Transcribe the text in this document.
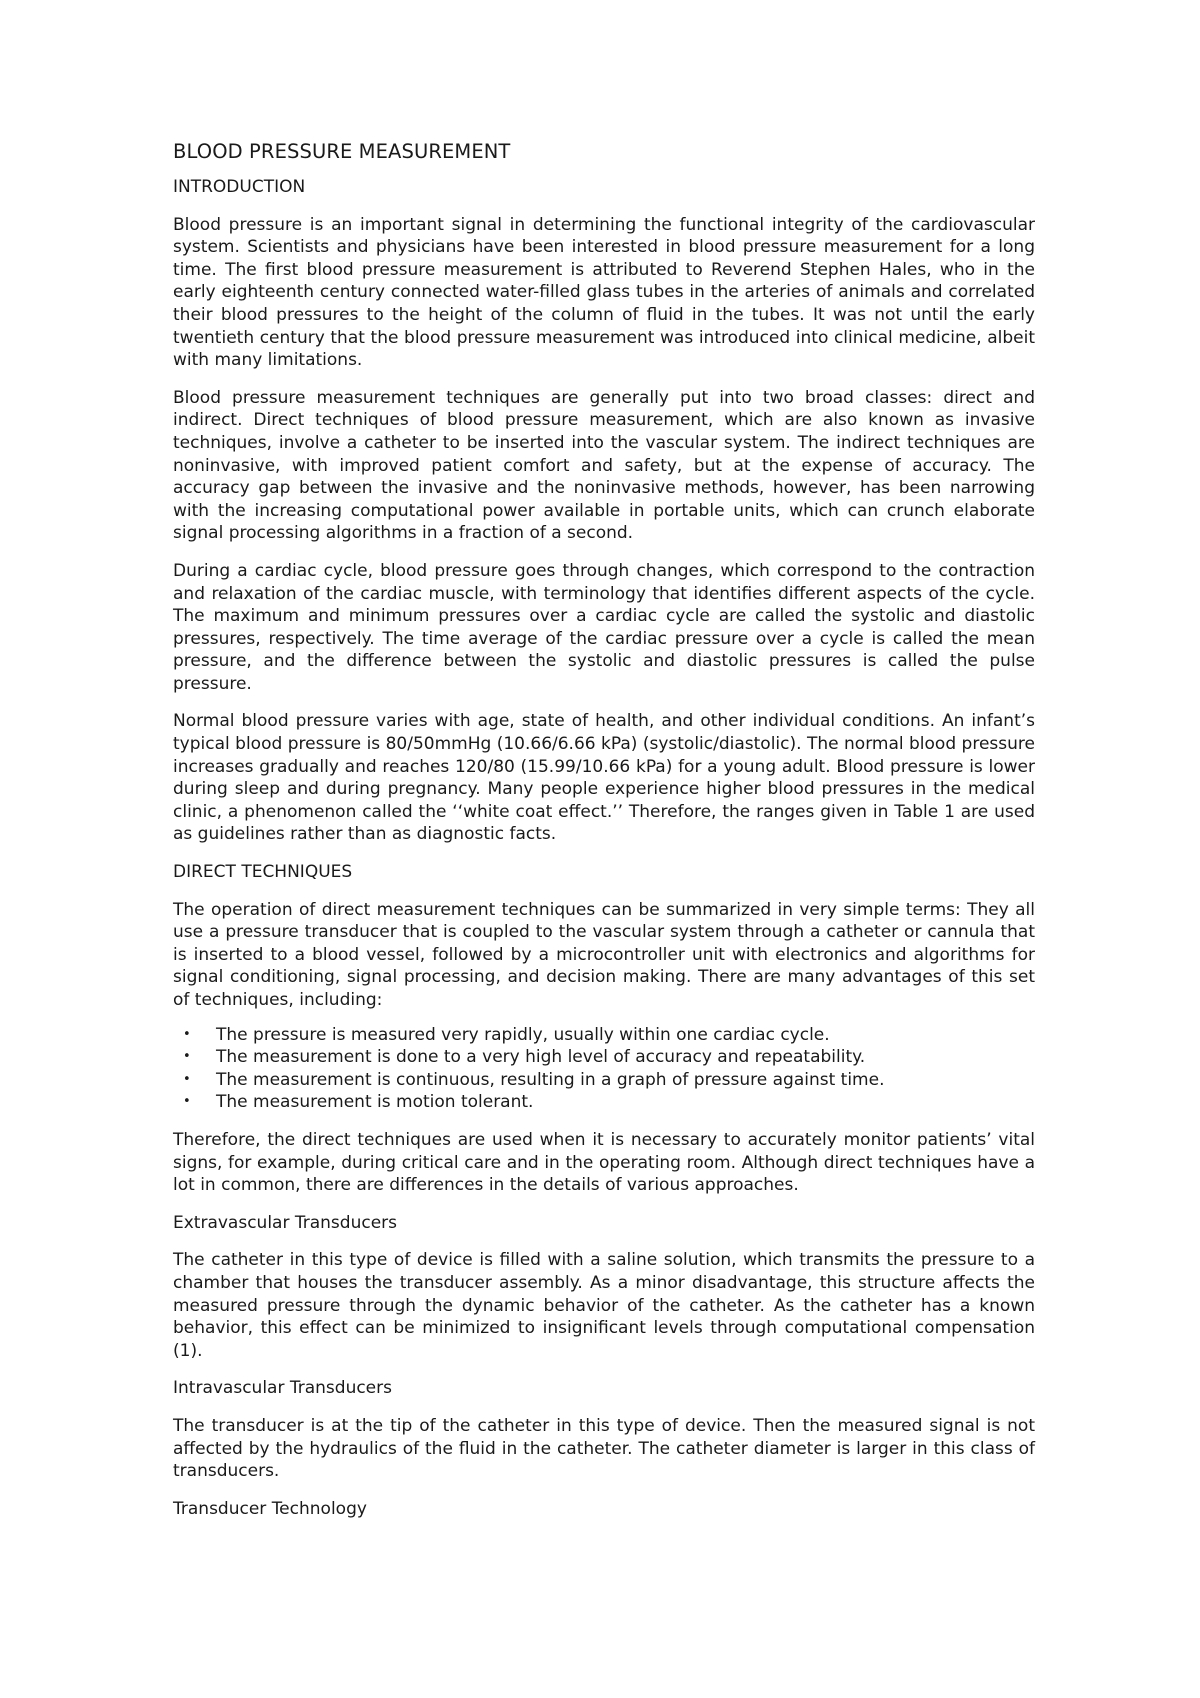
BLOOD PRESSURE MEASUREMENT
INTRODUCTION

Blood pressure is an important signal in determining the functional integrity of the cardiovascular system. Scientists and physicians have been interested in blood pressure measurement for a long time. The first blood pressure measurement is attributed to Reverend Stephen Hales, who in the early eighteenth century connected water-filled glass tubes in the arteries of animals and correlated their blood pressures to the height of the column of fluid in the tubes. It was not until the early twentieth century that the blood pressure measurement was introduced into clinical medicine, albeit with many limitations.

Blood pressure measurement techniques are generally put into two broad classes: direct and indirect. Direct techniques of blood pressure measurement, which are also known as invasive techniques, involve a catheter to be inserted into the vascular system. The indirect techniques are noninvasive, with improved patient comfort and safety, but at the expense of accuracy. The accuracy gap between the invasive and the noninvasive methods, however, has been narrowing with the increasing computational power available in portable units, which can crunch elaborate signal processing algorithms in a fraction of a second.

During a cardiac cycle, blood pressure goes through changes, which correspond to the contraction and relaxation of the cardiac muscle, with terminology that identifies different aspects of the cycle. The maximum and minimum pressures over a cardiac cycle are called the systolic and diastolic pressures, respectively. The time average of the cardiac pressure over a cycle is called the mean pressure, and the difference between the systolic and diastolic pressures is called the pulse pressure.

Normal blood pressure varies with age, state of health, and other individual conditions. An infant’s typical blood pressure is 80/50mmHg (10.66/6.66 kPa) (systolic/diastolic). The normal blood pressure increases gradually and reaches 120/80 (15.99/10.66 kPa) for a young adult. Blood pressure is lower during sleep and during pregnancy. Many people experience higher blood pressures in the medical clinic, a phenomenon called the ‘‘white coat effect.’’ Therefore, the ranges given in Table 1 are used as guidelines rather than as diagnostic facts.

DIRECT TECHNIQUES

The operation of direct measurement techniques can be summarized in very simple terms: They all use a pressure transducer that is coupled to the vascular system through a catheter or cannula that is inserted to a blood vessel, followed by a microcontroller unit with electronics and algorithms for signal conditioning, signal processing, and decision making. There are many advantages of this set of techniques, including:

• The pressure is measured very rapidly, usually within one cardiac cycle.
• The measurement is done to a very high level of accuracy and repeatability.
• The measurement is continuous, resulting in a graph of pressure against time.
• The measurement is motion tolerant.

Therefore, the direct techniques are used when it is necessary to accurately monitor patients’ vital signs, for example, during critical care and in the operating room. Although direct techniques have a lot in common, there are differences in the details of various approaches.

Extravascular Transducers

The catheter in this type of device is filled with a saline solution, which transmits the pressure to a chamber that houses the transducer assembly. As a minor disadvantage, this structure affects the measured pressure through the dynamic behavior of the catheter. As the catheter has a known behavior, this effect can be minimized to insignificant levels through computational compensation (1).

Intravascular Transducers

The transducer is at the tip of the catheter in this type of device. Then the measured signal is not affected by the hydraulics of the fluid in the catheter. The catheter diameter is larger in this class of transducers.

Transducer Technology
